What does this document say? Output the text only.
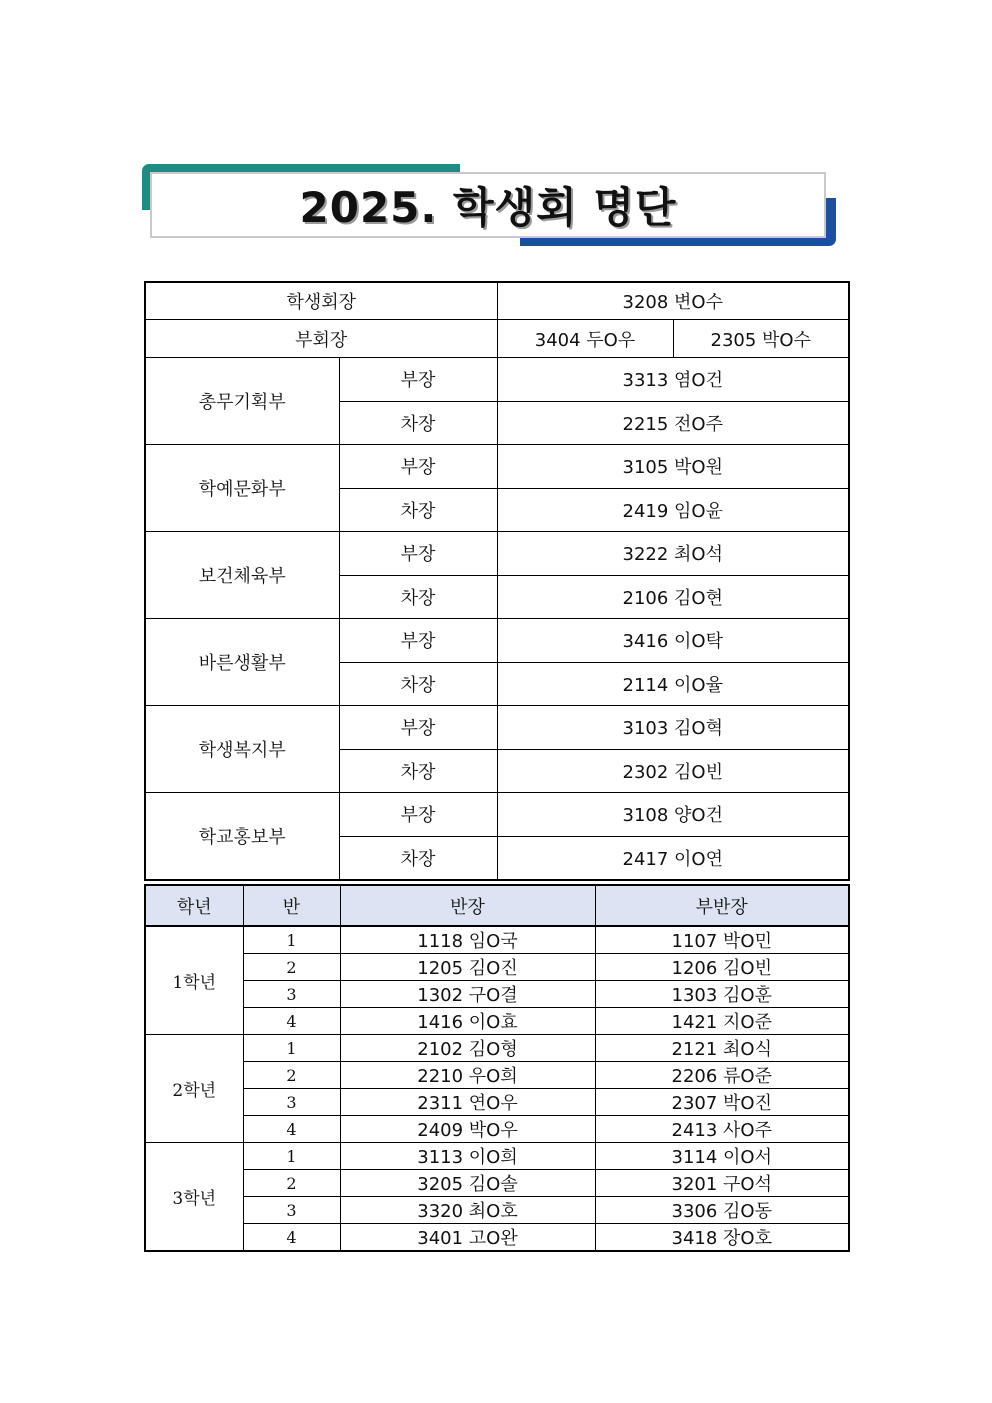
2025. 학생회 명단
학생회장		3208 변O수	
부회장		3404 두O우	2305 박O수
총무기획부	부장	3313 염O건	
	차장	2215 전O주	
학예문화부	부장	3105 박O원	
	차장	2419 임O윤	
보건체육부	부장	3222 최O석	
	차장	2106 김O현	
바른생활부	부장	3416 이O탁	
	차장	2114 이O율	
학생복지부	부장	3103 김O혁	
	차장	2302 김O빈	
학교홍보부	부장	3108 양O건	
	차장	2417 이O연	
학년	반	반장	부반장
1학년	1	1118 임O국	1107 박O민
	2	1205 김O진	1206 김O빈
	3	1302 구O결	1303 김O훈
	4	1416 이O효	1421 지O준
2학년	1	2102 김O형	2121 최O식
	2	2210 우O희	2206 류O준
	3	2311 연O우	2307 박O진
	4	2409 박O우	2413 사O주
3학년	1	3113 이O희	3114 이O서
	2	3205 김O솔	3201 구O석
	3	3320 최O호	3306 김O동
	4	3401 고O완	3418 장O호
